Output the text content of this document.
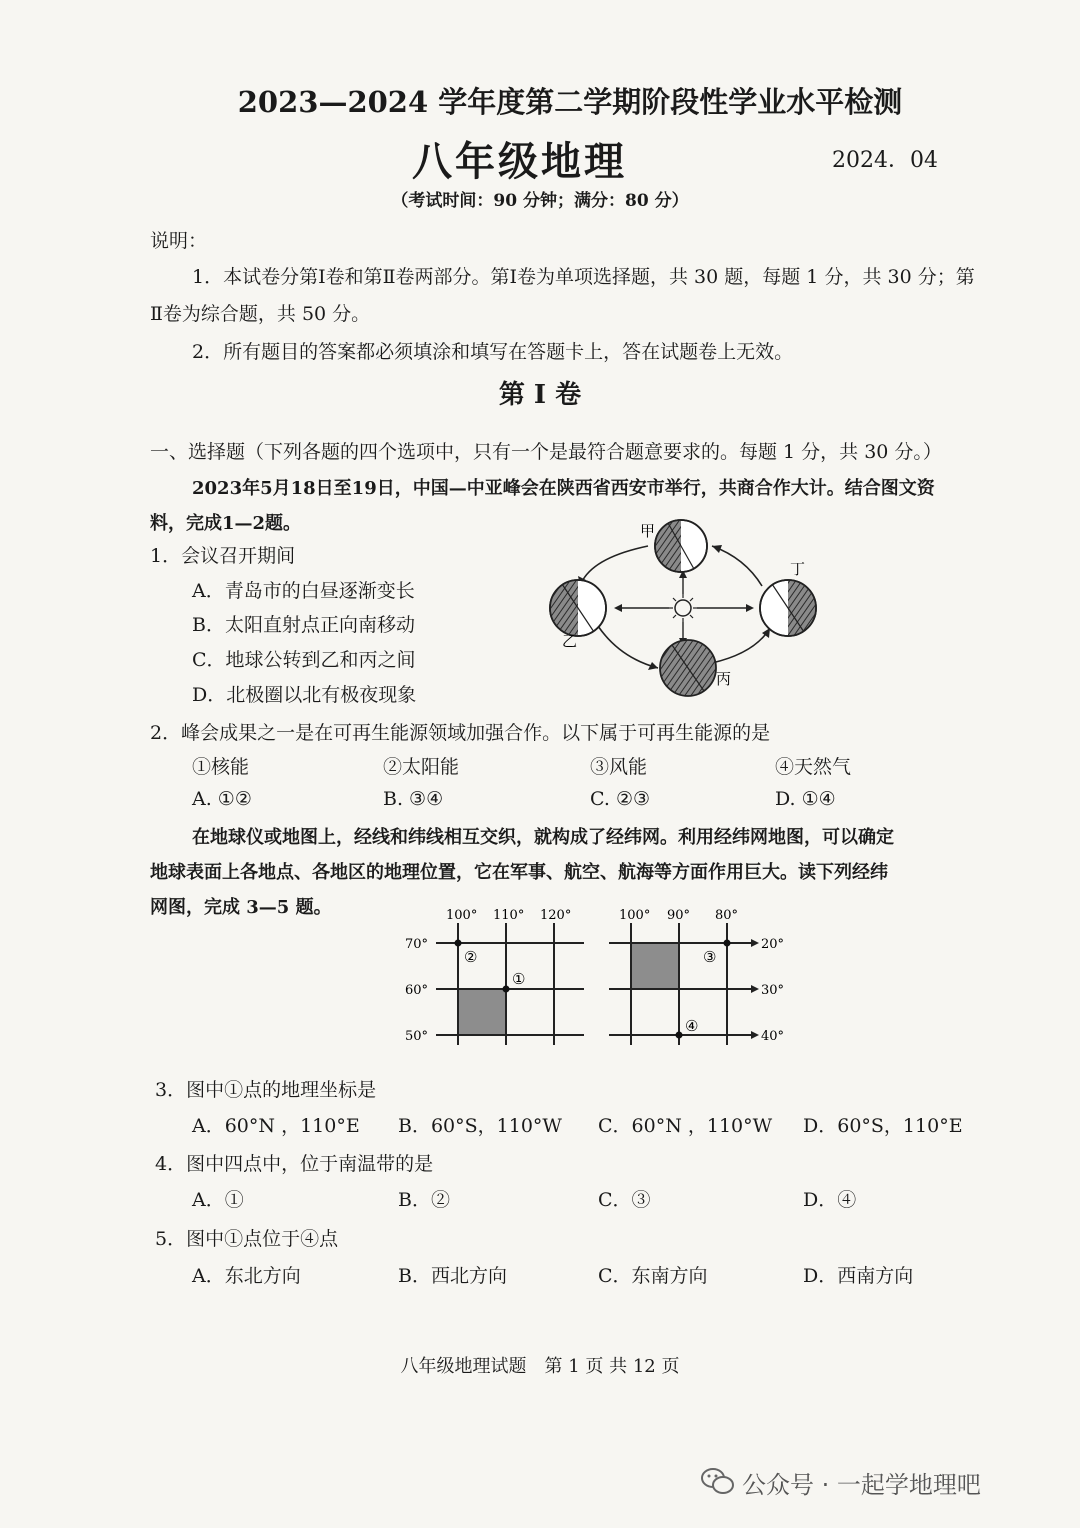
2023—2024 学年度第二学期阶段性学业水平检测
八年级地理	2024．04
（考试时间：90 分钟；满分：80 分）
说明：
1．本试卷分第Ⅰ卷和第Ⅱ卷两部分。第Ⅰ卷为单项选择题，共 30 题，每题 1 分，共 30 分；第
Ⅱ卷为综合题，共 50 分。
2．所有题目的答案都必须填涂和填写在答题卡上，答在试题卷上无效。
第 Ⅰ 卷
一、选择题（下列各题的四个选项中，只有一个是最符合题意要求的。每题 1 分，共 30 分。）
2023年5月18日至19日，中国—中亚峰会在陕西省西安市举行，共商合作大计。结合图文资
料，完成1—2题。
1．会议召开期间
A．青岛市的白昼逐渐变长
B．太阳直射点正向南移动
C．地球公转到乙和丙之间
D．北极圈以北有极夜现象
甲
乙
丙
丁
2．峰会成果之一是在可再生能源领域加强合作。以下属于可再生能源的是
①核能	②太阳能	③风能	④天然气
A. ①②	B. ③④	C. ②③	D. ①④
在地球仪或地图上，经线和纬线相互交织，就构成了经纬网。利用经纬网地图，可以确定
地球表面上各地点、各地区的地理位置，它在军事、航空、航海等方面作用巨大。读下列经纬
网图，完成 3—5 题。	100° 110° 120°
70°
60°
50°
②
①
100° 90° 80°
20°
30°
40°
③
④
3．图中①点的地理坐标是
A．60°N ，110°E B．60°S，110°W C．60°N ，110°W D．60°S，110°E
4．图中四点中，位于南温带的是
A．①	B．②	C．③	D．④
5．图中①点位于④点
A．东北方向	B．西北方向	C．东南方向	D．西南方向
八年级地理试题　第 1 页 共 12 页
公众号 · 一起学地理吧
